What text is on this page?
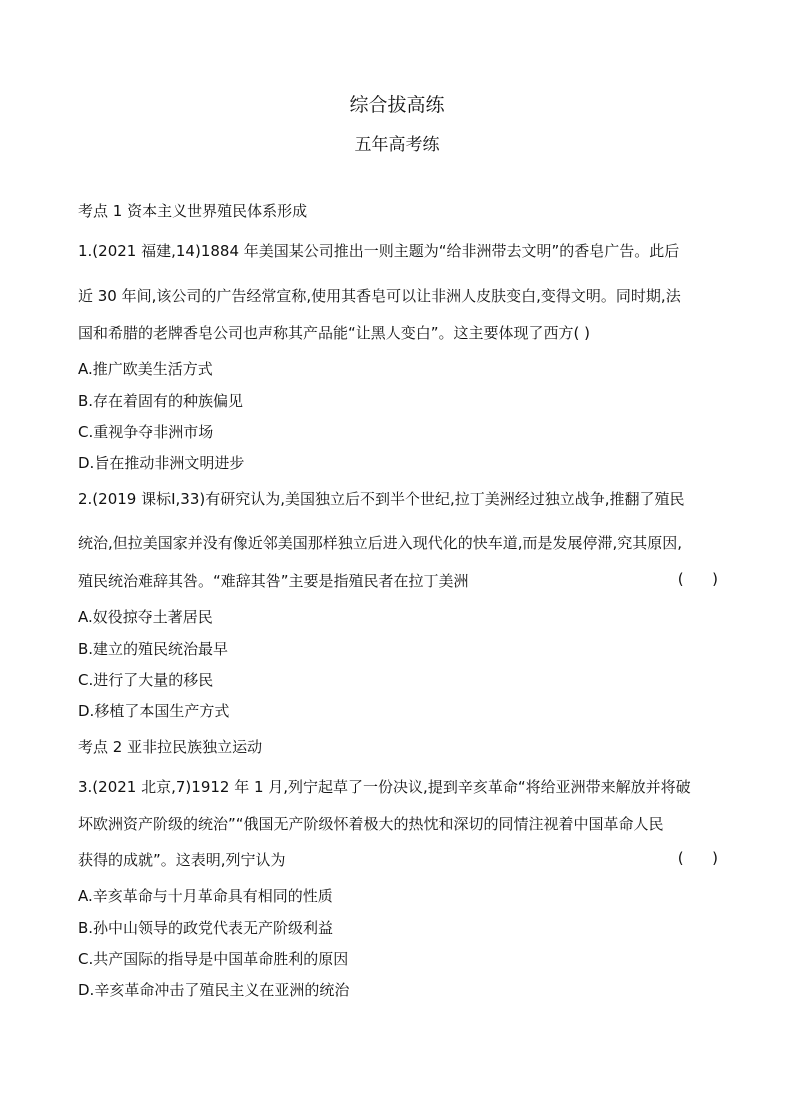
综合拔高练
五年高考练
考点 1 资本主义世界殖民体系形成
1.(2021 福建,14)1884 年美国某公司推出一则主题为“给非洲带去文明”的香皂广告。此后
近 30 年间,该公司的广告经常宣称,使用其香皂可以让非洲人皮肤变白,变得文明。同时期,法
国和希腊的老牌香皂公司也声称其产品能“让黑人变白”。这主要体现了西方( )
A.推广欧美生活方式
B.存在着固有的种族偏见
C.重视争夺非洲市场
D.旨在推动非洲文明进步
2.(2019 课标Ⅰ,33)有研究认为,美国独立后不到半个世纪,拉丁美洲经过独立战争,推翻了殖民
统治,但拉美国家并没有像近邻美国那样独立后进入现代化的快车道,而是发展停滞,究其原因,
殖民统治难辞其咎。“难辞其咎”主要是指殖民者在拉丁美洲	(      )
A.奴役掠夺土著居民
B.建立的殖民统治最早
C.进行了大量的移民
D.移植了本国生产方式
考点 2 亚非拉民族独立运动
3.(2021 北京,7)1912 年 1 月,列宁起草了一份决议,提到辛亥革命“将给亚洲带来解放并将破
坏欧洲资产阶级的统治”“俄国无产阶级怀着极大的热忱和深切的同情注视着中国革命人民
获得的成就”。这表明,列宁认为	(      )
A.辛亥革命与十月革命具有相同的性质
B.孙中山领导的政党代表无产阶级利益
C.共产国际的指导是中国革命胜利的原因
D.辛亥革命冲击了殖民主义在亚洲的统治
